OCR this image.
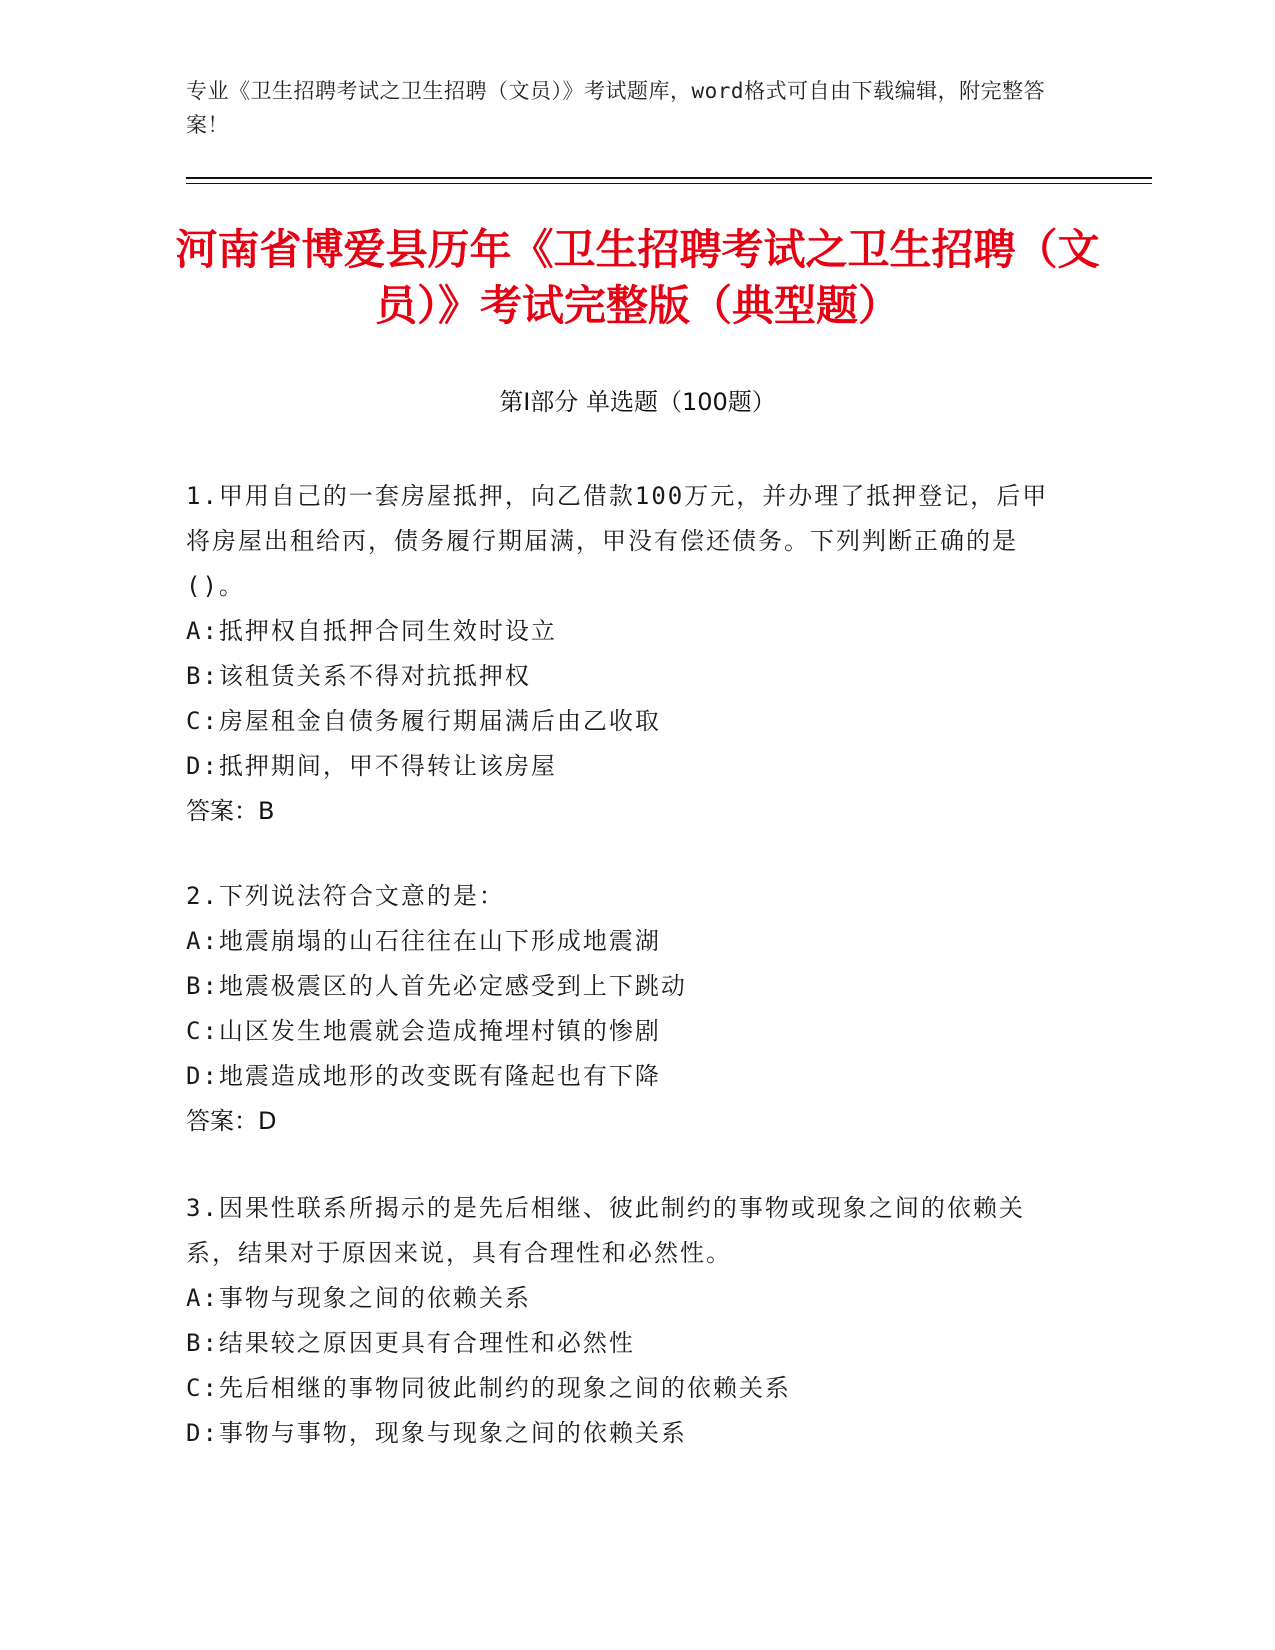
专业《卫生招聘考试之卫生招聘（文员）》考试题库，word格式可自由下载编辑，附完整答案！
河南省博爱县历年《卫生招聘考试之卫生招聘（文员）》考试完整版（典型题）
第Ⅰ部分 单选题（100题）
1.甲用自己的一套房屋抵押，向乙借款100万元，并办理了抵押登记，后甲将房屋出租给丙，债务履行期届满，甲没有偿还债务。下列判断正确的是()。
A:抵押权自抵押合同生效时设立
B:该租赁关系不得对抗抵押权
C:房屋租金自债务履行期届满后由乙收取
D:抵押期间，甲不得转让该房屋
答案：B
2.下列说法符合文意的是：
A:地震崩塌的山石往往在山下形成地震湖
B:地震极震区的人首先必定感受到上下跳动
C:山区发生地震就会造成掩埋村镇的惨剧
D:地震造成地形的改变既有隆起也有下降
答案：D
3.因果性联系所揭示的是先后相继、彼此制约的事物或现象之间的依赖关系，结果对于原因来说，具有合理性和必然性。
A:事物与现象之间的依赖关系
B:结果较之原因更具有合理性和必然性
C:先后相继的事物同彼此制约的现象之间的依赖关系
D:事物与事物，现象与现象之间的依赖关系
